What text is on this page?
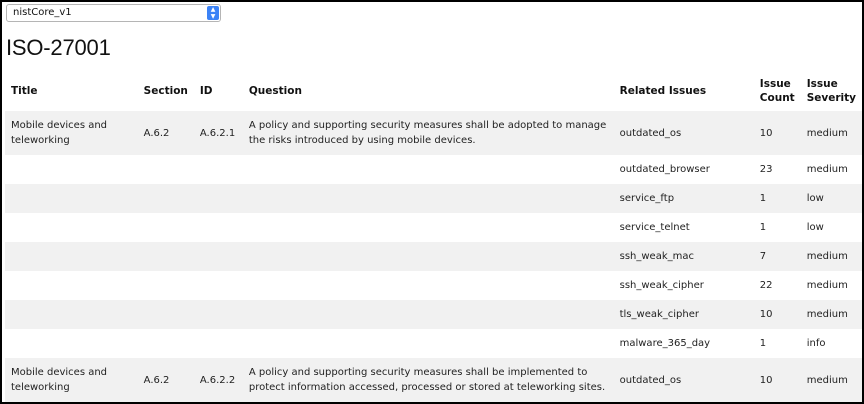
nistCore_v1	▲
▼
ISO-27001
Title	Section	ID	Question	Related Issues	Issue Count	Issue Severity
Mobile devices and teleworking	A.6.2	A.6.2.1	A policy and supporting security measures shall be adopted to manage the risks introduced by using mobile devices.	outdated_os	10	medium
				outdated_browser	23	medium
				service_ftp	1	low
				service_telnet	1	low
				ssh_weak_mac	7	medium
				ssh_weak_cipher	22	medium
				tls_weak_cipher	10	medium
				malware_365_day	1	info
Mobile devices and teleworking	A.6.2	A.6.2.2	A policy and supporting security measures shall be implemented to protect information accessed, processed or stored at teleworking sites.	outdated_os	10	medium
